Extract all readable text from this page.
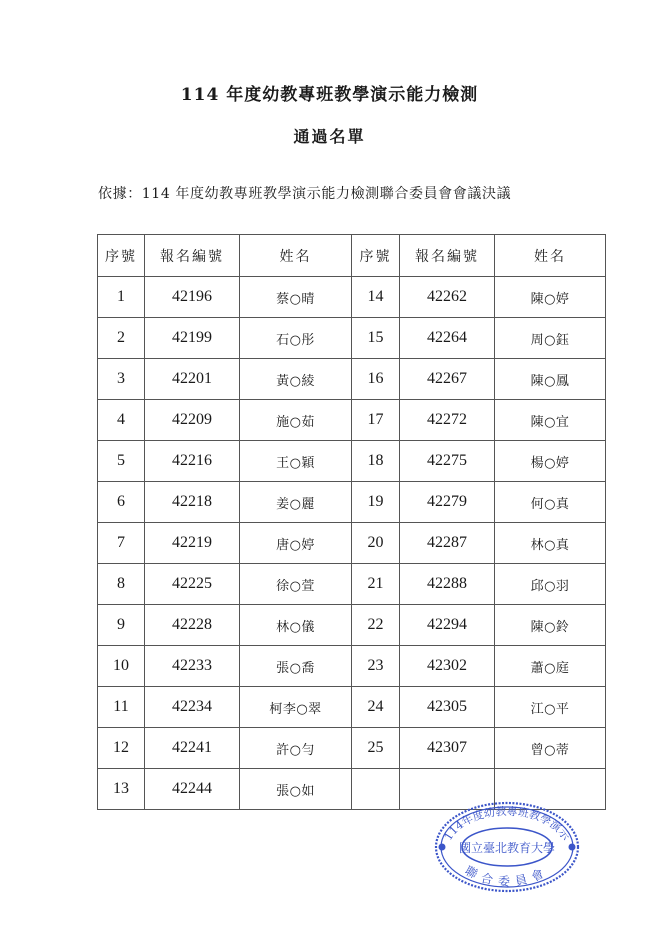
114 年度幼教專班教學演示能力檢測
通過名單
依據：114 年度幼教專班教學演示能力檢測聯合委員會會議決議
序號	報名編號	姓名	序號	報名編號	姓名
1	42196	蔡○晴	14	42262	陳○婷
2	42199	石○彤	15	42264	周○鈺
3	42201	黃○綾	16	42267	陳○鳳
4	42209	施○茹	17	42272	陳○宜
5	42216	王○穎	18	42275	楊○婷
6	42218	姜○麗	19	42279	何○真
7	42219	唐○婷	20	42287	林○真
8	42225	徐○萱	21	42288	邱○羽
9	42228	林○儀	22	42294	陳○鈴
10	42233	張○喬	23	42302	蕭○庭
11	42234	柯李○翠	24	42305	江○平
12	42241	許○勻	25	42307	曾○蒂
13	42244	張○如			
114年度幼教專班教學演示
國立臺北教育大學
聯合委員會
